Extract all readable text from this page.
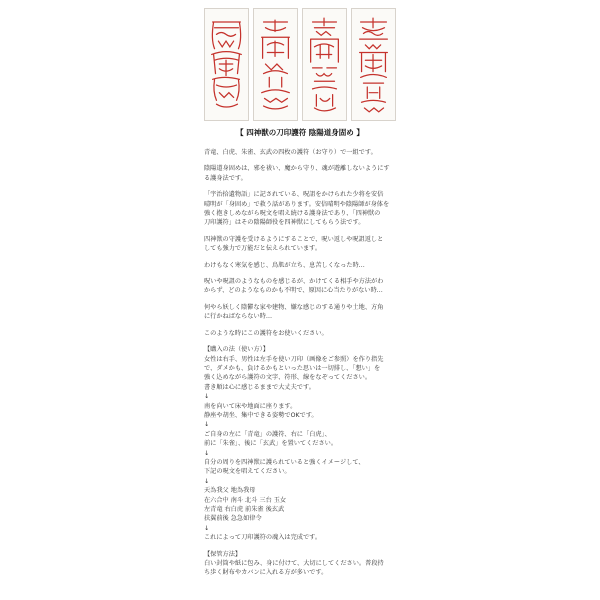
【 四神獣の刀印護符 陰陽道身固め 】
青竜、白虎、朱雀、玄武の四枚の護符（お守り）で一組です。
陰陽道身固めは、邪を祓い、魔から守り、魂が遊離しないようにす
る護身法です。
「宇治拾遺物語」に記されている、呪詛をかけられた少将を安倍
晴明が「身固め」で救う話があります。安倍晴明や陰陽師が身体を
強く抱きしめながら呪文を唱え続ける護身法であり、「四神獣の
刀印護符」はその陰陽師役を四神獣にしてもらう法です。
四神獣の守護を受けるようにすることで、呪い返しや呪詛返しと
しても強力で万能だと伝えられています。
わけもなく寒気を感じ、鳥肌が立ち、息苦しくなった時…
呪いや呪詛のようなものを感じるが、かけてくる相手や方法がわ
からず、どのようなものかも不明で、原因に心当たりがない時…
何やら妖しく陰鬱な家や建物、嫌な感じのする通りや土地、方角
に行かねばならない時…
このような時にこの護符をお使いください。
【購入の法（使い方）】
女性は右手、男性は左手を使い刀印（画像をご参照）を作り指先
で、ダメかも、負けるかもといった思いは一切排し、「想い」を
強く込めながら護符の文字、符形、線をなぞってください。
書き順は心に感じるままで大丈夫です。
↓
南を向いて床や地面に座ります。
静座や胡坐、集中できる姿勢でOKです。
↓
ご自身の左に「青竜」の護符、右に「白虎」、
前に「朱雀」、後に「玄武」を置いてください。
↓
自分の周りを四神獣に護られていると強くイメージして、
下記の呪文を唱えてください。
↓
天為我父 地為我母
在六合中 南斗 北斗 三台 玉女
左青竜 右白虎 前朱雀 後玄武
扶翼前後 急急如律令
↓
これによって刀印護符の魂入は完成です。
【保管方法】
白い封筒や紙に包み、身に付けて、大切にしてください。普段持
ち歩く財布やカバンに入れる方が多いです。
